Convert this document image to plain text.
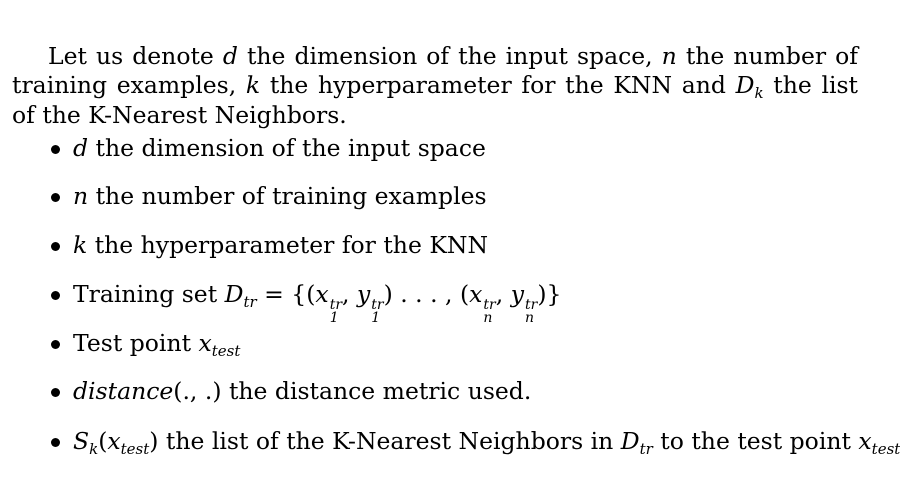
Let us denote d the dimension of the input space, n the number of training examples, k the hyperparameter for the KNN and $D_k$ the list of the K-Nearest Neighbors.

d the dimension of the input space
n the number of training examples
k the hyperparameter for the KNN
Training set $D_{tr} = \{(x$ tr
1
, y tr
1
) . . . , (x tr
n
, y tr
n
)}
Test point $x_{test}$
distance(., .) the distance metric used.
$S_k(x_{test})$ the list of the K-Nearest Neighbors in $D_{tr}$ to the test point $x_{test}$
